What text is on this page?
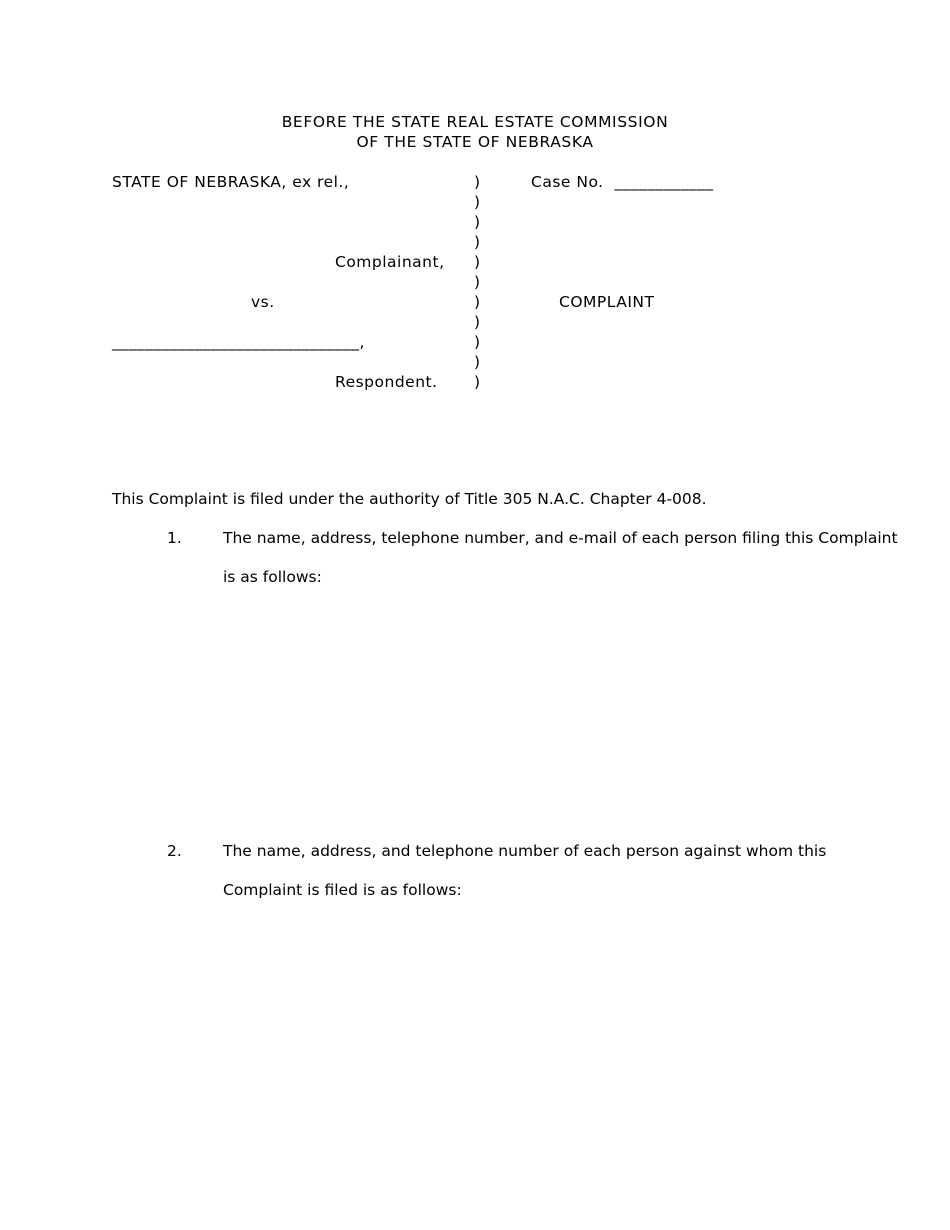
BEFORE THE STATE REAL ESTATE COMMISSION
OF THE STATE OF NEBRASKA
STATE OF NEBRASKA, ex rel.,
Complainant,
vs.
______________________________,
Respondent.
)
)
)
)
)
)
)
)
)
)
)
Case No. ____________
COMPLAINT
This Complaint is filed under the authority of Title 305 N.A.C. Chapter 4-008.
1.	The name, address, telephone number, and e-mail of each person filing this Complaint
is as follows:
2.	The name, address, and telephone number of each person against whom this
Complaint is filed is as follows:
